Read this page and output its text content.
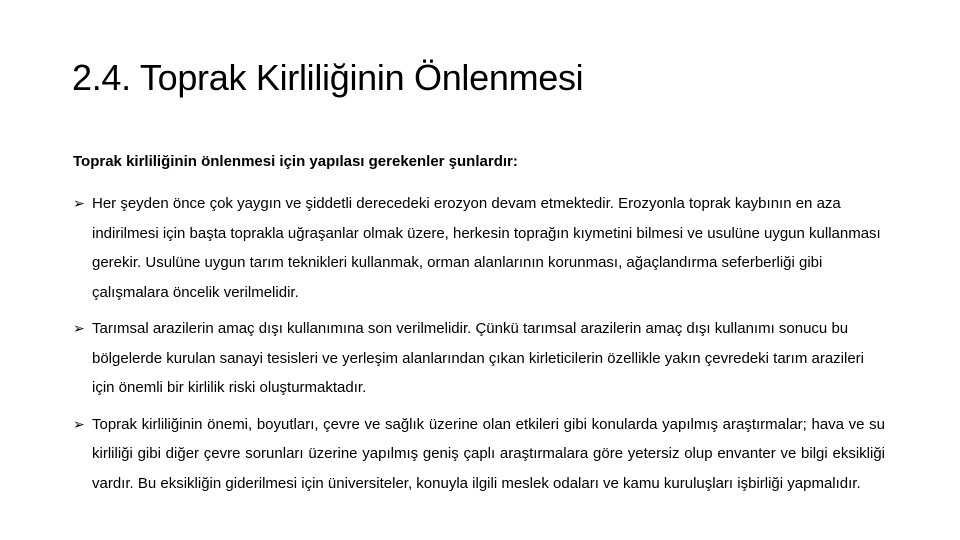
2.4. Toprak Kirliliğinin Önlenmesi

Toprak kirliliğinin önlenmesi için yapılası gerekenler şunlardır:

➢ Her şeyden önce çok yaygın ve şiddetli derecedeki erozyon devam etmektedir. Erozyonla toprak kaybının en aza indirilmesi için başta toprakla uğraşanlar olmak üzere, herkesin toprağın kıymetini bilmesi ve usulüne uygun kullanması gerekir. Usulüne uygun tarım teknikleri kullanmak, orman alanlarının korunması, ağaçlandırma seferberliği gibi çalışmalara öncelik verilmelidir.
➢ Tarımsal arazilerin amaç dışı kullanımına son verilmelidir. Çünkü tarımsal arazilerin amaç dışı kullanımı sonucu bu bölgelerde kurulan sanayi tesisleri ve yerleşim alanlarından çıkan kirleticilerin özellikle yakın çevredeki tarım arazileri için önemli bir kirlilik riski oluşturmaktadır.
➢ Toprak kirliliğinin önemi, boyutları, çevre ve sağlık üzerine olan etkileri gibi konularda yapılmış araştırmalar; hava ve su kirliliği gibi diğer çevre sorunları üzerine yapılmış geniş çaplı araştırmalara göre yetersiz olup envanter ve bilgi eksikliği vardır. Bu eksikliğin giderilmesi için üniversiteler, konuyla ilgili meslek odaları ve kamu kuruluşları işbirliği yapmalıdır.
